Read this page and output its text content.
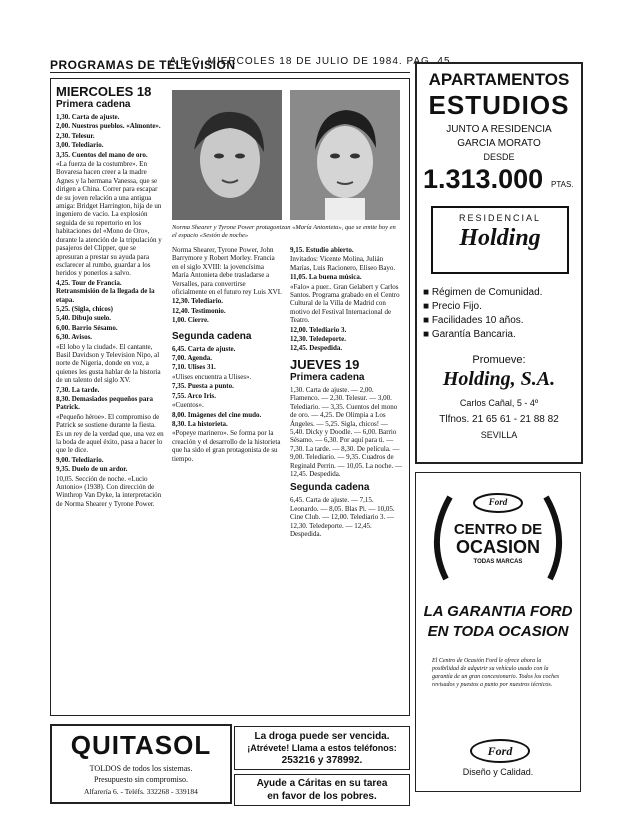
A B C. MIERCOLES 18 DE JULIO DE 1984. PAG. 45
PROGRAMAS DE TELEVISION
MIERCOLES 18
Primera cadena

1,30. Carta de ajuste.

2,00. Nuestros pueblos. «Almonte».

2,30. Telesur.

3,00. Telediario.

3,35. Cuentos del mano de oro.

«La fuerza de la costumbre». En Bovaresa hacen creer a la madre Agnes y la hermana Vanessa, que se dirigen a China. Correr para escapar de su joven relación a una antigua amiga: Bridget Harrington, hija de un ingeniero de vacío. La explosión seguida de su repertorio en los habitaciones del «Mono de Oro», durante la atención de la tripulación y pasajeros del Clipper, que se apresuran a prestar su ayuda para esclarecer al rumbo, guardar a los heridos y ponerlos a salvo.

4,25. Tour de Francia. Retransmisión de la llegada de la etapa.

5,25. (Sigla, chicos)

5,40. Dibujo suelo.

6,00. Barrio Sésamo.

6,30. Avisos.

«El lobo y la ciudad». El cantante, Basil Davidson y Television Nipo, al norte de Nigeria, donde en voz, a quienes les gusta hablar de la historia de un talento del siglo XV.

7,30. La tarde.

8,30. Demasiados pequeños para Patrick.

«Pequeño héroe». El compromiso de Patrick se sostiene durante la fiesta. Es un rey de la verdad que, una vez en la boda de aquel éxito, pasa a hacer lo que le dice.

9,00. Telediario.

9,35. Duelo de un ardor.

10,05. Sección de noche. «Lucio Antonio» (1938). Con dirección de Winthrop Van Dyke, la interpretación de Norma Shearer y Tyrone Power.

Norma Shearer y Tyrone Power protagonizan «María Antonieta», que se emite hoy en el espacio «Sesión de noche»

Norma Shearer, Tyrone Power, John Barrymore y Robert Morley. Francia en el siglo XVIII: la jovencísima María Antonieta debe trasladarse a Versalles, para convertirse oficialmente en el futuro rey Luis XVI.

12,30. Telediario.

12,40. Testimonio.

1,00. Cierre.

Segunda cadena

6,45. Carta de ajuste.

7,00. Agenda.

7,10. Ulises 31.

«Ulises encuentra a Ulises».

7,35. Puesta a punto.

7,55. Arco Iris.

«Cuentos».

8,00. Imágenes del cine mudo.

8,30. La historieta.

«Popeye marinero». Se forma por la creación y el desarrollo de la historieta que ha sido el gran protagonista de su tiempo.

9,15. Estudio abierto.

Invitados: Vicente Molina, Julián Marías, Luis Racionero, Eliseo Bayo.

11,05. La buena música.

«Falo» a puer.. Gran Gelabert y Carlos Santos. Programa grabado en el Centro Cultural de la Villa de Madrid con motivo del Festival Internacional de Teatro.

12,00. Telediario 3.

12,30. Teledeporte.

12,45. Despedida.

JUEVES 19
Primera cadena

1,30. Carta de ajuste. — 2,00. Flamenco. — 2,30. Telesur. — 3,00. Telediario. — 3,35. Cuentos del mono de oro. — 4,25. De Olimpia a Los Ángeles. — 5,25. Sigla, chicos! — 5,40. Dicky y Doodle. — 6,00. Barrio Sésamo. — 6,30. Por aquí para ti. — 7,30. La tarde. — 8,30. De película. — 9,00. Telediario. — 9,35. Cuadros de Reginald Perrin. — 10,05. La noche. — 12,45. Despedida.

Segunda cadena

6,45. Carta de ajuste. — 7,15. Leonardo. — 8,05. Blas Pi. — 10,05. Cine Club. — 12,00. Telediario 3. — 12,30. Teledeporte. — 12,45. Despedida.

APARTAMENTOS
ESTUDIOS
JUNTO A RESIDENCIA
GARCIA MORATO
DESDE
1.313.000 PTAS.
RESIDENCIAL
Holding
■ Régimen de Comunidad.
■ Precio Fijo.
■ Facilidades 10 años.
■ Garantía Bancaria.
Promueve:
Holding, S.A.
Carlos Cañal, 5 - 4º
Tlfnos. 21 65 61 - 21 88 82
SEVILLA
Ford
CENTRO DE
OCASION
TODAS MARCAS
LA GARANTIA FORD
EN TODA OCASION
El Centro de Ocasión Ford le ofrece ahora la posibilidad de adquirir su vehículo usado con la garantía de un gran concesionario. Todos los coches revisados y puestos a punto por nuestros técnicos.
Ford
Diseño y Calidad.
QUITASOL
TOLDOS de todos los sistemas.
Presupuesto sin compromiso.
Alfarería 6. - Teléfs. 332268 - 339184
La droga puede ser vencida.
¡Atrévete! Llama a estos teléfonos:
253216 y 378992.
Ayude a Cáritas en su tarea
en favor de los pobres.
